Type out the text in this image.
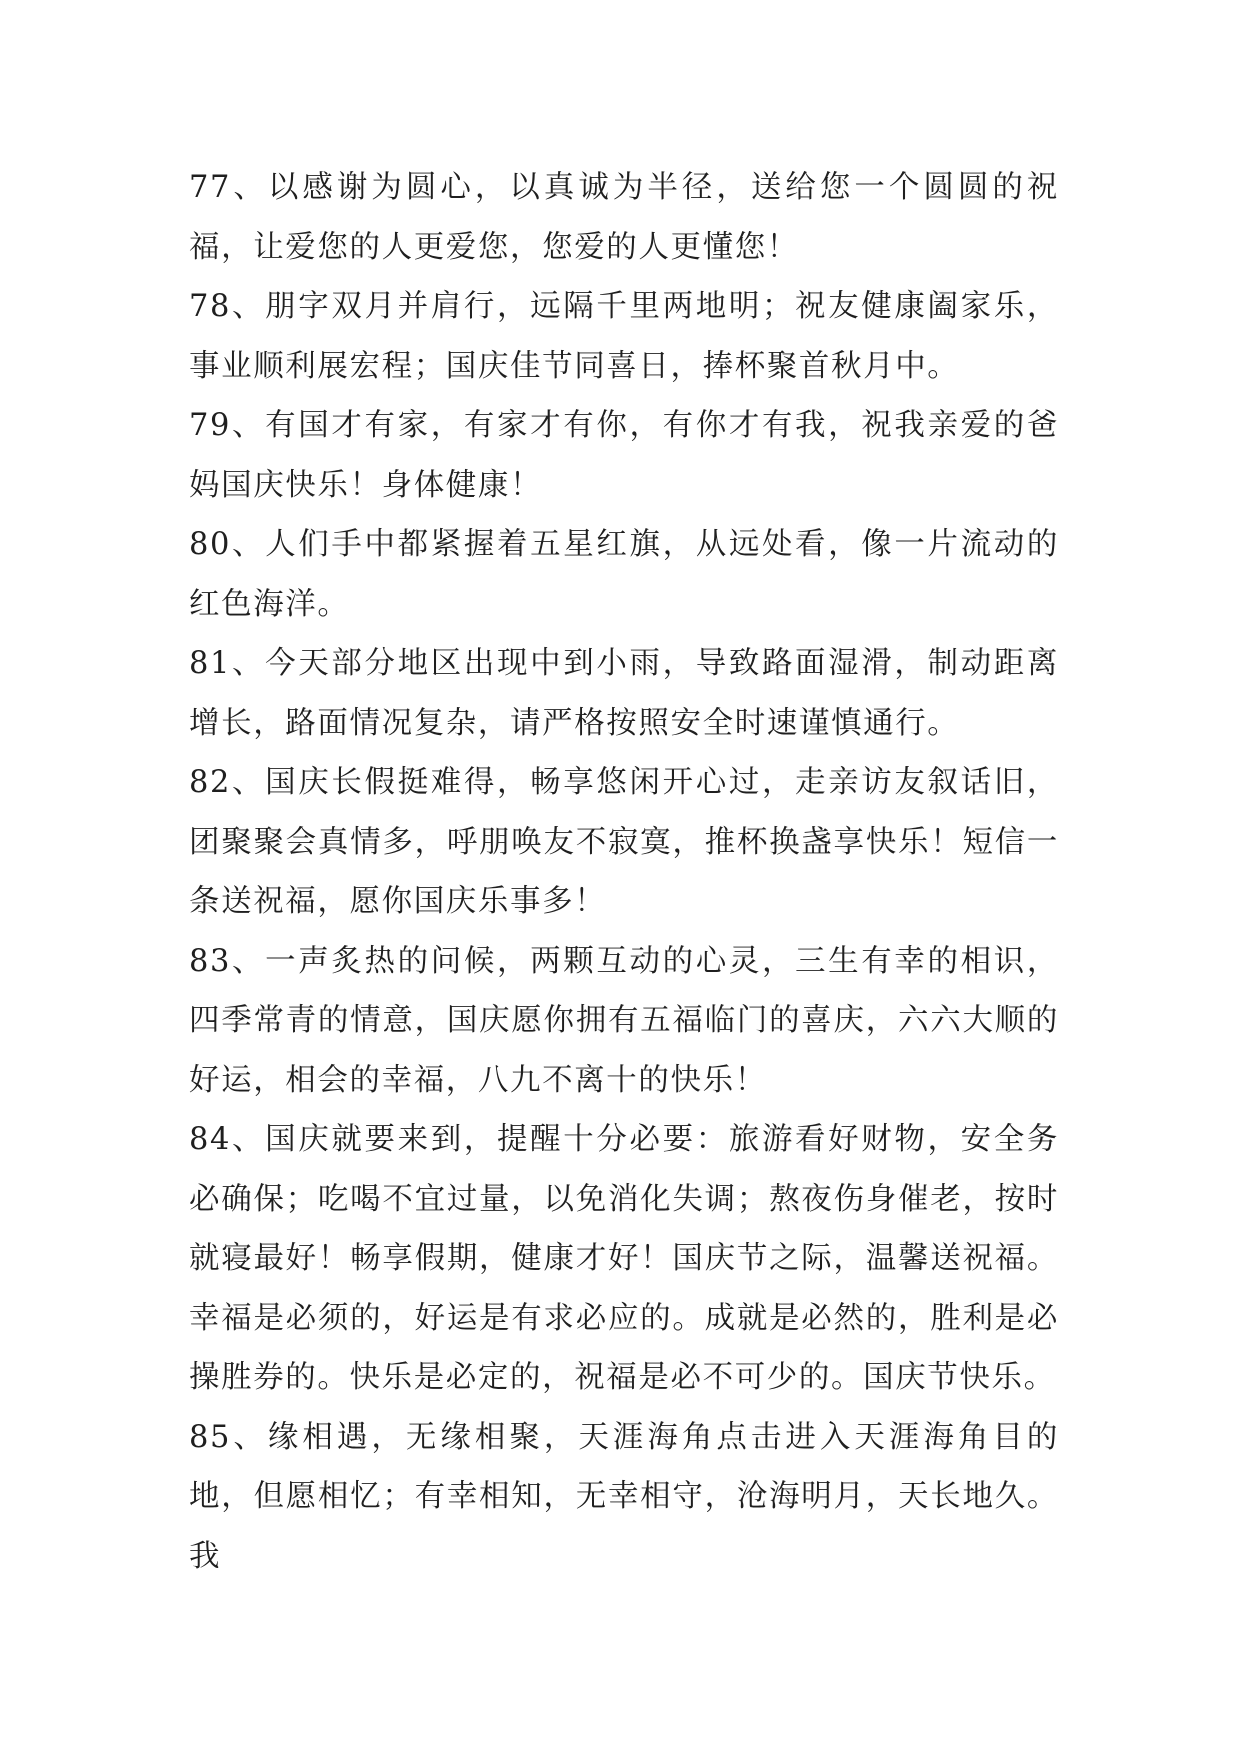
77、以感谢为圆心，以真诚为半径，送给您一个圆圆的祝福，让爱您的人更爱您，您爱的人更懂您！

78、朋字双月并肩行，远隔千里两地明；祝友健康阖家乐，事业顺利展宏程；国庆佳节同喜日，捧杯聚首秋月中。

79、有国才有家，有家才有你，有你才有我，祝我亲爱的爸妈国庆快乐！身体健康！

80、人们手中都紧握着五星红旗，从远处看，像一片流动的红色海洋。

81、今天部分地区出现中到小雨，导致路面湿滑，制动距离增长，路面情况复杂，请严格按照安全时速谨慎通行。

82、国庆长假挺难得，畅享悠闲开心过，走亲访友叙话旧，团聚聚会真情多，呼朋唤友不寂寞，推杯换盏享快乐！短信一条送祝福，愿你国庆乐事多！

83、一声炙热的问候，两颗互动的心灵，三生有幸的相识，四季常青的情意，国庆愿你拥有五福临门的喜庆，六六大顺的好运，相会的幸福，八九不离十的快乐！

84、国庆就要来到，提醒十分必要：旅游看好财物，安全务必确保；吃喝不宜过量，以免消化失调；熬夜伤身催老，按时就寝最好！畅享假期，健康才好！国庆节之际，温馨送祝福。幸福是必须的，好运是有求必应的。成就是必然的，胜利是必操胜券的。快乐是必定的，祝福是必不可少的。国庆节快乐。

85、缘相遇，无缘相聚，天涯海角点击进入天涯海角目的地，但愿相忆；有幸相知，无幸相守，沧海明月，天长地久。我
